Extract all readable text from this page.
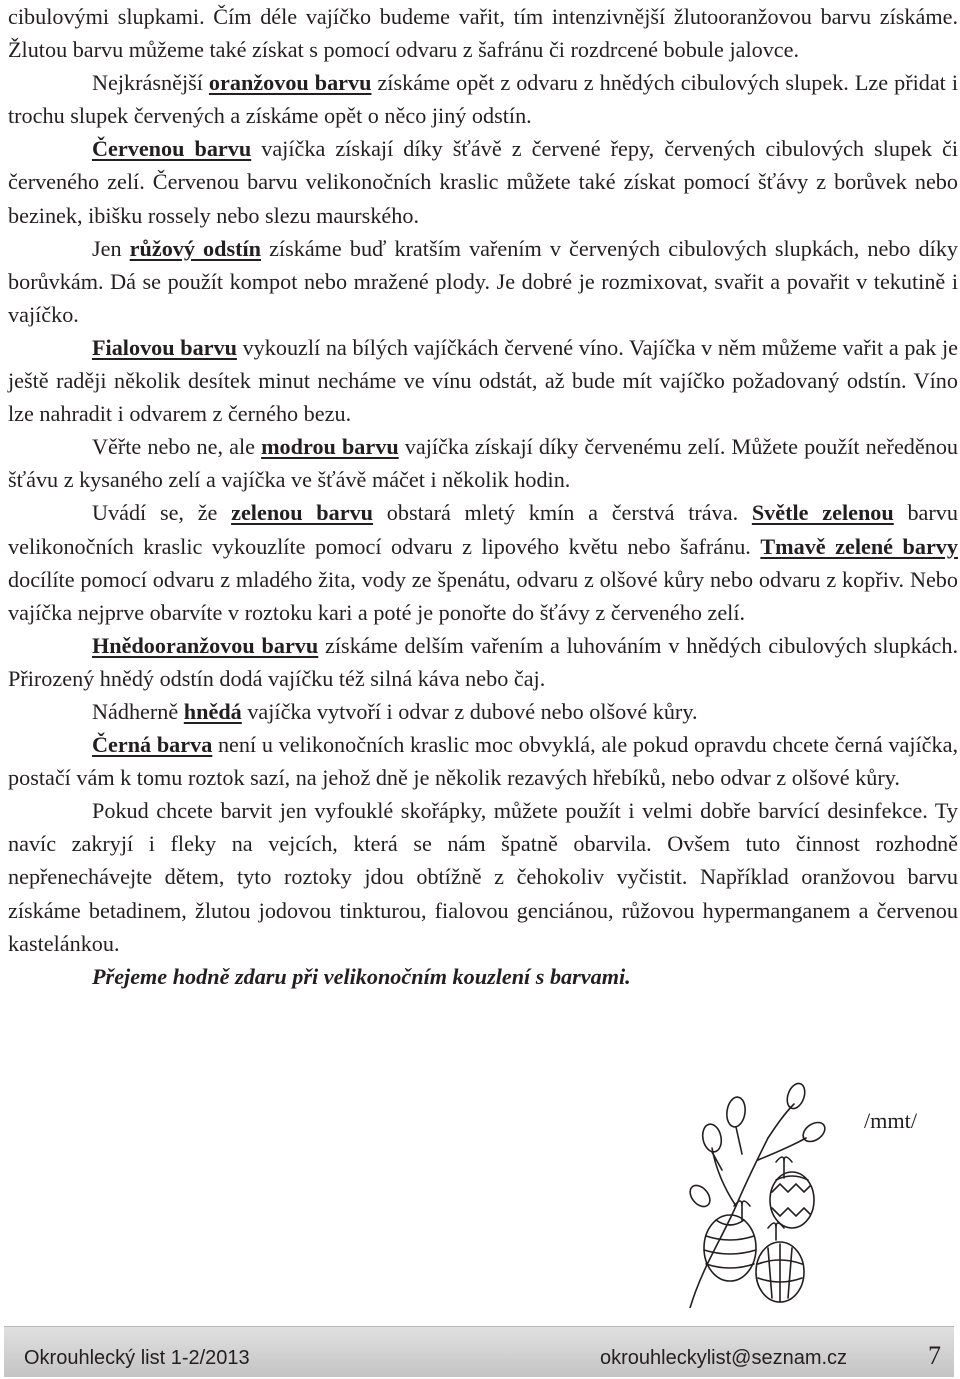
cibulovými slupkami. Čím déle vajíčko budeme vařit, tím intenzivnější žlutooranžovou barvu získáme. Žlutou barvu můžeme také získat s pomocí odvaru z šafránu či rozdrcené bobule jalovce.

Nejkrásnější oranžovou barvu získáme opět z odvaru z hnědých cibulových slupek. Lze přidat i trochu slupek červených a získáme opět o něco jiný odstín.

Červenou barvu vajíčka získají díky šťávě z červené řepy, červených cibulových slupek či červeného zelí. Červenou barvu velikonočních kraslic můžete také získat pomocí šťávy z borůvek nebo bezinek, ibišku rossely nebo slezu maurského.

Jen růžový odstín získáme buď kratším vařením v červených cibulových slupkách, nebo díky borůvkám. Dá se použít kompot nebo mražené plody. Je dobré je rozmixovat, svařit a povařit v tekutině i vajíčko.

Fialovou barvu vykouzlí na bílých vajíčkách červené víno. Vajíčka v něm můžeme vařit a pak je ještě raději několik desítek minut necháme ve vínu odstát, až bude mít vajíčko požadovaný odstín. Víno lze nahradit i odvarem z černého bezu.

Věřte nebo ne, ale modrou barvu vajíčka získají díky červenému zelí. Můžete použít neředěnou šťávu z kysaného zelí a vajíčka ve šťávě máčet i několik hodin.

Uvádí se, že zelenou barvu obstará mletý kmín a čerstvá tráva. Světle zelenou barvu velikonočních kraslic vykouzlíte pomocí odvaru z lipového květu nebo šafránu. Tmavě zelené barvy docílíte pomocí odvaru z mladého žita, vody ze špenátu, odvaru z olšové kůry nebo odvaru z kopřiv. Nebo vajíčka nejprve obarvíte v roztoku kari a poté je ponořte do šťávy z červeného zelí.

Hnědooranžovou barvu získáme delším vařením a luhováním v hnědých cibulových slupkách. Přirozený hnědý odstín dodá vajíčku též silná káva nebo čaj.

Nádherně hnědá vajíčka vytvoří i odvar z dubové nebo olšové kůry.

Černá barva není u velikonočních kraslic moc obvyklá, ale pokud opravdu chcete černá vajíčka, postačí vám k tomu roztok sazí, na jehož dně je několik rezavých hřebíků, nebo odvar z olšové kůry.

Pokud chcete barvit jen vyfouklé skořápky, můžete použít i velmi dobře barvící desinfekce. Ty navíc zakryjí i fleky na vejcích, která se nám špatně obarvila. Ovšem tuto činnost rozhodně nepřenechávejte dětem, tyto roztoky jdou obtížně z čehokoliv vyčistit. Například oranžovou barvu získáme betadinem, žlutou jodovou tinkturou, fialovou genciánou, růžovou hypermanganem a červenou kastelánkou.

Přejeme hodně zdaru při velikonočním kouzlení s barvami.

/mmt/
Okrouhlecký list 1-2/2013	okrouhleckylist@seznam.cz	7
